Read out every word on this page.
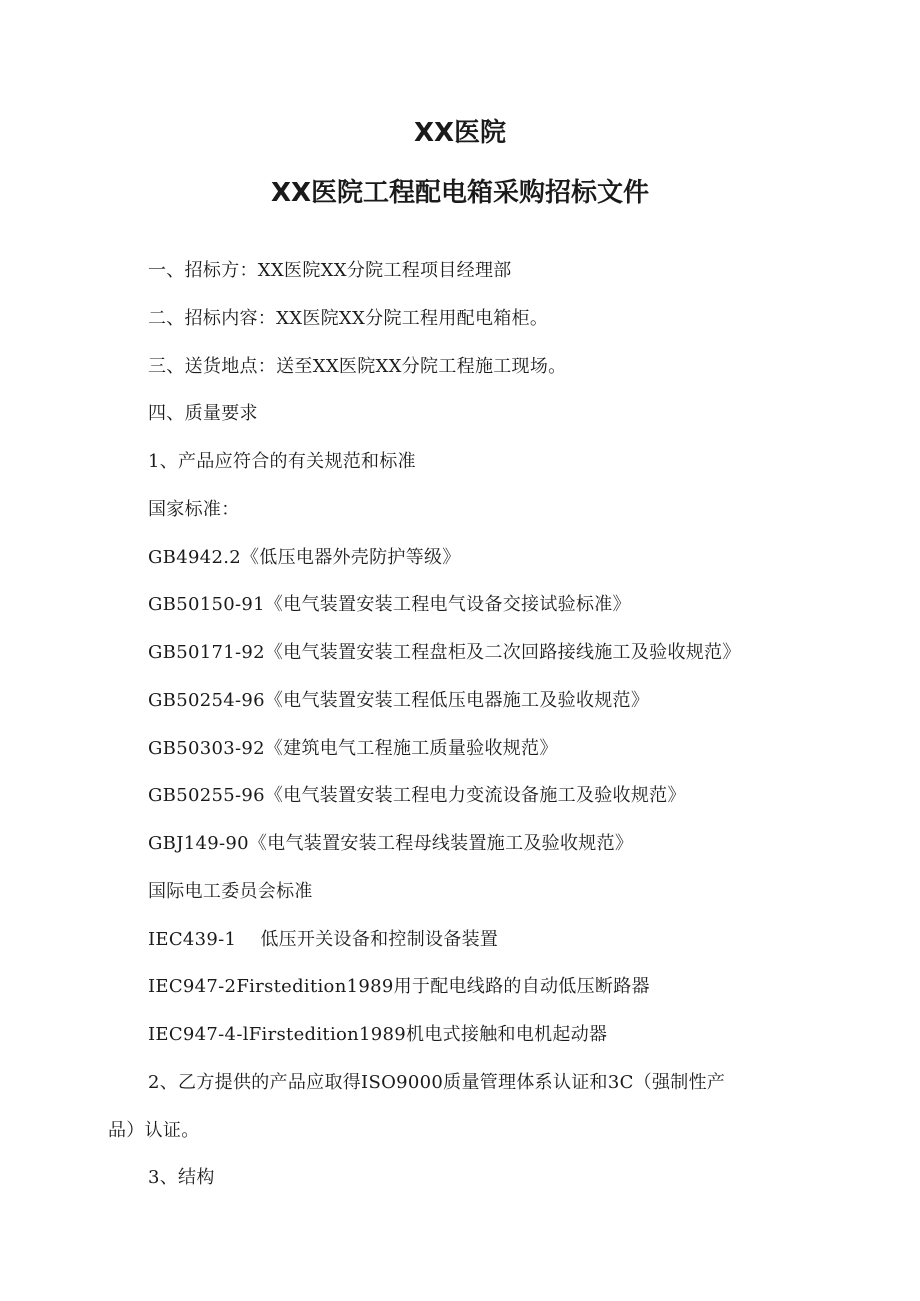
XX医院
XX医院工程配电箱采购招标文件
一、招标方：XX医院XX分院工程项目经理部
二、招标内容：XX医院XX分院工程用配电箱柜。
三、送货地点：送至XX医院XX分院工程施工现场。
四、质量要求
1、产品应符合的有关规范和标准
国家标准：
GB4942.2《低压电器外壳防护等级》
GB50150-91《电气装置安装工程电气设备交接试验标准》
GB50171-92《电气装置安装工程盘柜及二次回路接线施工及验收规范》
GB50254-96《电气装置安装工程低压电器施工及验收规范》
GB50303-92《建筑电气工程施工质量验收规范》
GB50255-96《电气装置安装工程电力变流设备施工及验收规范》
GBJ149-90《电气装置安装工程母线装置施工及验收规范》
国际电工委员会标准
IEC439-1 低压开关设备和控制设备装置
IEC947-2Firstedition1989用于配电线路的自动低压断路器
IEC947-4-lFirstedition1989机电式接触和电机起动器
2、乙方提供的产品应取得ISO9000质量管理体系认证和3C（强制性产
品）认证。
3、结构
